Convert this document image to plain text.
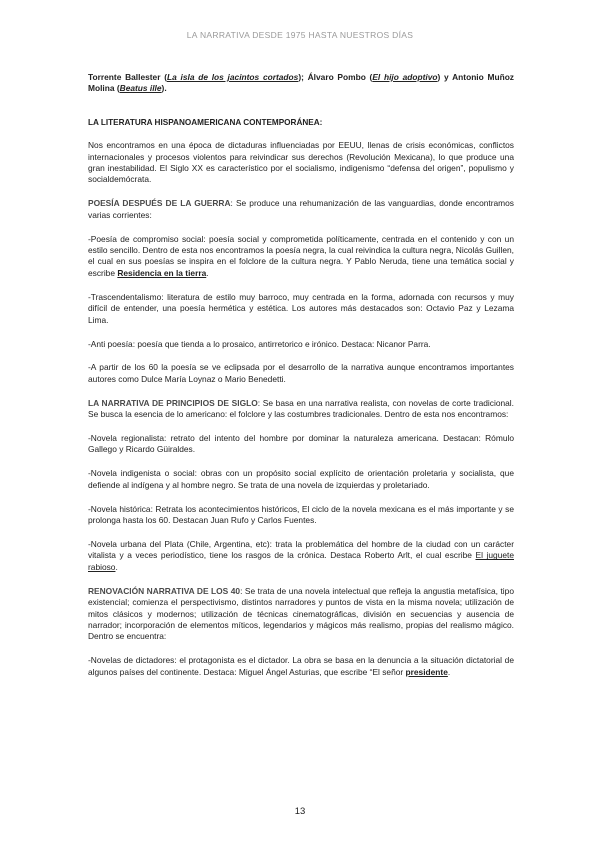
LA NARRATIVA DESDE 1975 HASTA NUESTROS DÍAS

Torrente Ballester (La isla de los jacintos cortados); Álvaro Pombo (El hijo adoptivo) y Antonio Muñoz Molina (Beatus ille).

LA LITERATURA HISPANOAMERICANA CONTEMPORÁNEA:

Nos encontramos en una época de dictaduras influenciadas por EEUU, llenas de crisis económicas, conflictos internacionales y procesos violentos para reivindicar sus derechos (Revolución Mexicana), lo que produce una gran inestabilidad. El Siglo XX es característico por el socialismo, indigenismo “defensa del origen”, populismo y socialdemócrata.

POESÍA DESPUÉS DE LA GUERRA: Se produce una rehumanización de las vanguardias, donde encontramos varias corrientes:

-Poesía de compromiso social: poesía social y comprometida políticamente, centrada en el contenido y con un estilo sencillo. Dentro de esta nos encontramos la poesía negra, la cual reivindica la cultura negra, Nicolás Guillen, el cual en sus poesías se inspira en el folclore de la cultura negra. Y Pablo Neruda, tiene una temática social y escribe Residencia en la tierra.

-Trascendentalismo: literatura de estilo muy barroco, muy centrada en la forma, adornada con recursos y muy difícil de entender, una poesía hermética y estética. Los autores más destacados son: Octavio Paz y Lezama Lima.

-Anti poesía: poesía que tienda a lo prosaico, antirretorico e irónico. Destaca: Nicanor Parra.

-A partir de los 60 la poesía se ve eclipsada por el desarrollo de la narrativa aunque encontramos importantes autores como Dulce María Loynaz o Mario Benedetti.

LA NARRATIVA DE PRINCIPIOS DE SIGLO: Se basa en una narrativa realista, con novelas de corte tradicional. Se busca la esencia de lo americano: el folclore y las costumbres tradicionales. Dentro de esta nos encontramos:

-Novela regionalista: retrato del intento del hombre por dominar la naturaleza americana. Destacan: Rómulo Gallego y Ricardo Güiraldes.

-Novela indigenista o social: obras con un propósito social explícito de orientación proletaria y socialista, que defiende al indígena y al hombre negro. Se trata de una novela de izquierdas y proletariado.

-Novela histórica: Retrata los acontecimientos históricos, El ciclo de la novela mexicana es el más importante y se prolonga hasta los 60. Destacan Juan Rufo y Carlos Fuentes.

-Novela urbana del Plata (Chile, Argentina, etc): trata la problemática del hombre de la ciudad con un carácter vitalista y a veces periodístico, tiene los rasgos de la crónica. Destaca Roberto Arlt, el cual escribe El juguete rabioso.

RENOVACIÓN NARRATIVA DE LOS 40: Se trata de una novela intelectual que refleja la angustia metafísica, tipo existencial; comienza el perspectivismo, distintos narradores y puntos de vista en la misma novela; utilización de mitos clásicos y modernos; utilización de técnicas cinematográficas, división en secuencias y ausencia de narrador; incorporación de elementos míticos, legendarios y mágicos más realismo, propias del realismo mágico. Dentro se encuentra:

-Novelas de dictadores: el protagonista es el dictador. La obra se basa en la denuncia a la situación dictatorial de algunos países del continente. Destaca: Miguel Ángel Asturias, que escribe “El señor presidente.

13
